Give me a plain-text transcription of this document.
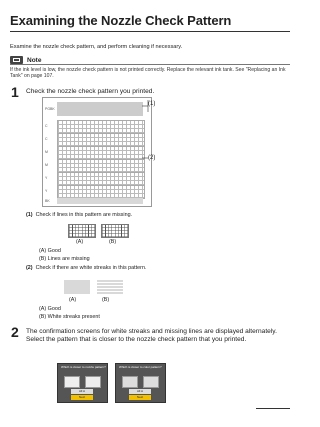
Examining the Nozzle Check Pattern
Examine the nozzle check pattern, and perform cleaning if necessary.
Note
If the ink level is low, the nozzle check pattern is not printed correctly. Replace the relevant ink tank. See "Replacing an Ink Tank" on page 107.
1 Check the nozzle check pattern you printed.
PGBK
C
C
M
M
Y
Y
BK
(1)
(2)
(1) Check if lines in this pattern are missing.
(A)	(B)
(A) Good
(B) Lines are missing
(2) Check if there are white streaks in this pattern.
(A)	(B)
(A) Good
(B) White streaks present
2 The confirmation screens for white streaks and missing lines are displayed alternately. Select the pattern that is closer to the nozzle check pattern that you printed.
Which is closer to nozzle pattern?
All A
Next
Which is closer to color pattern?
All A
Next
